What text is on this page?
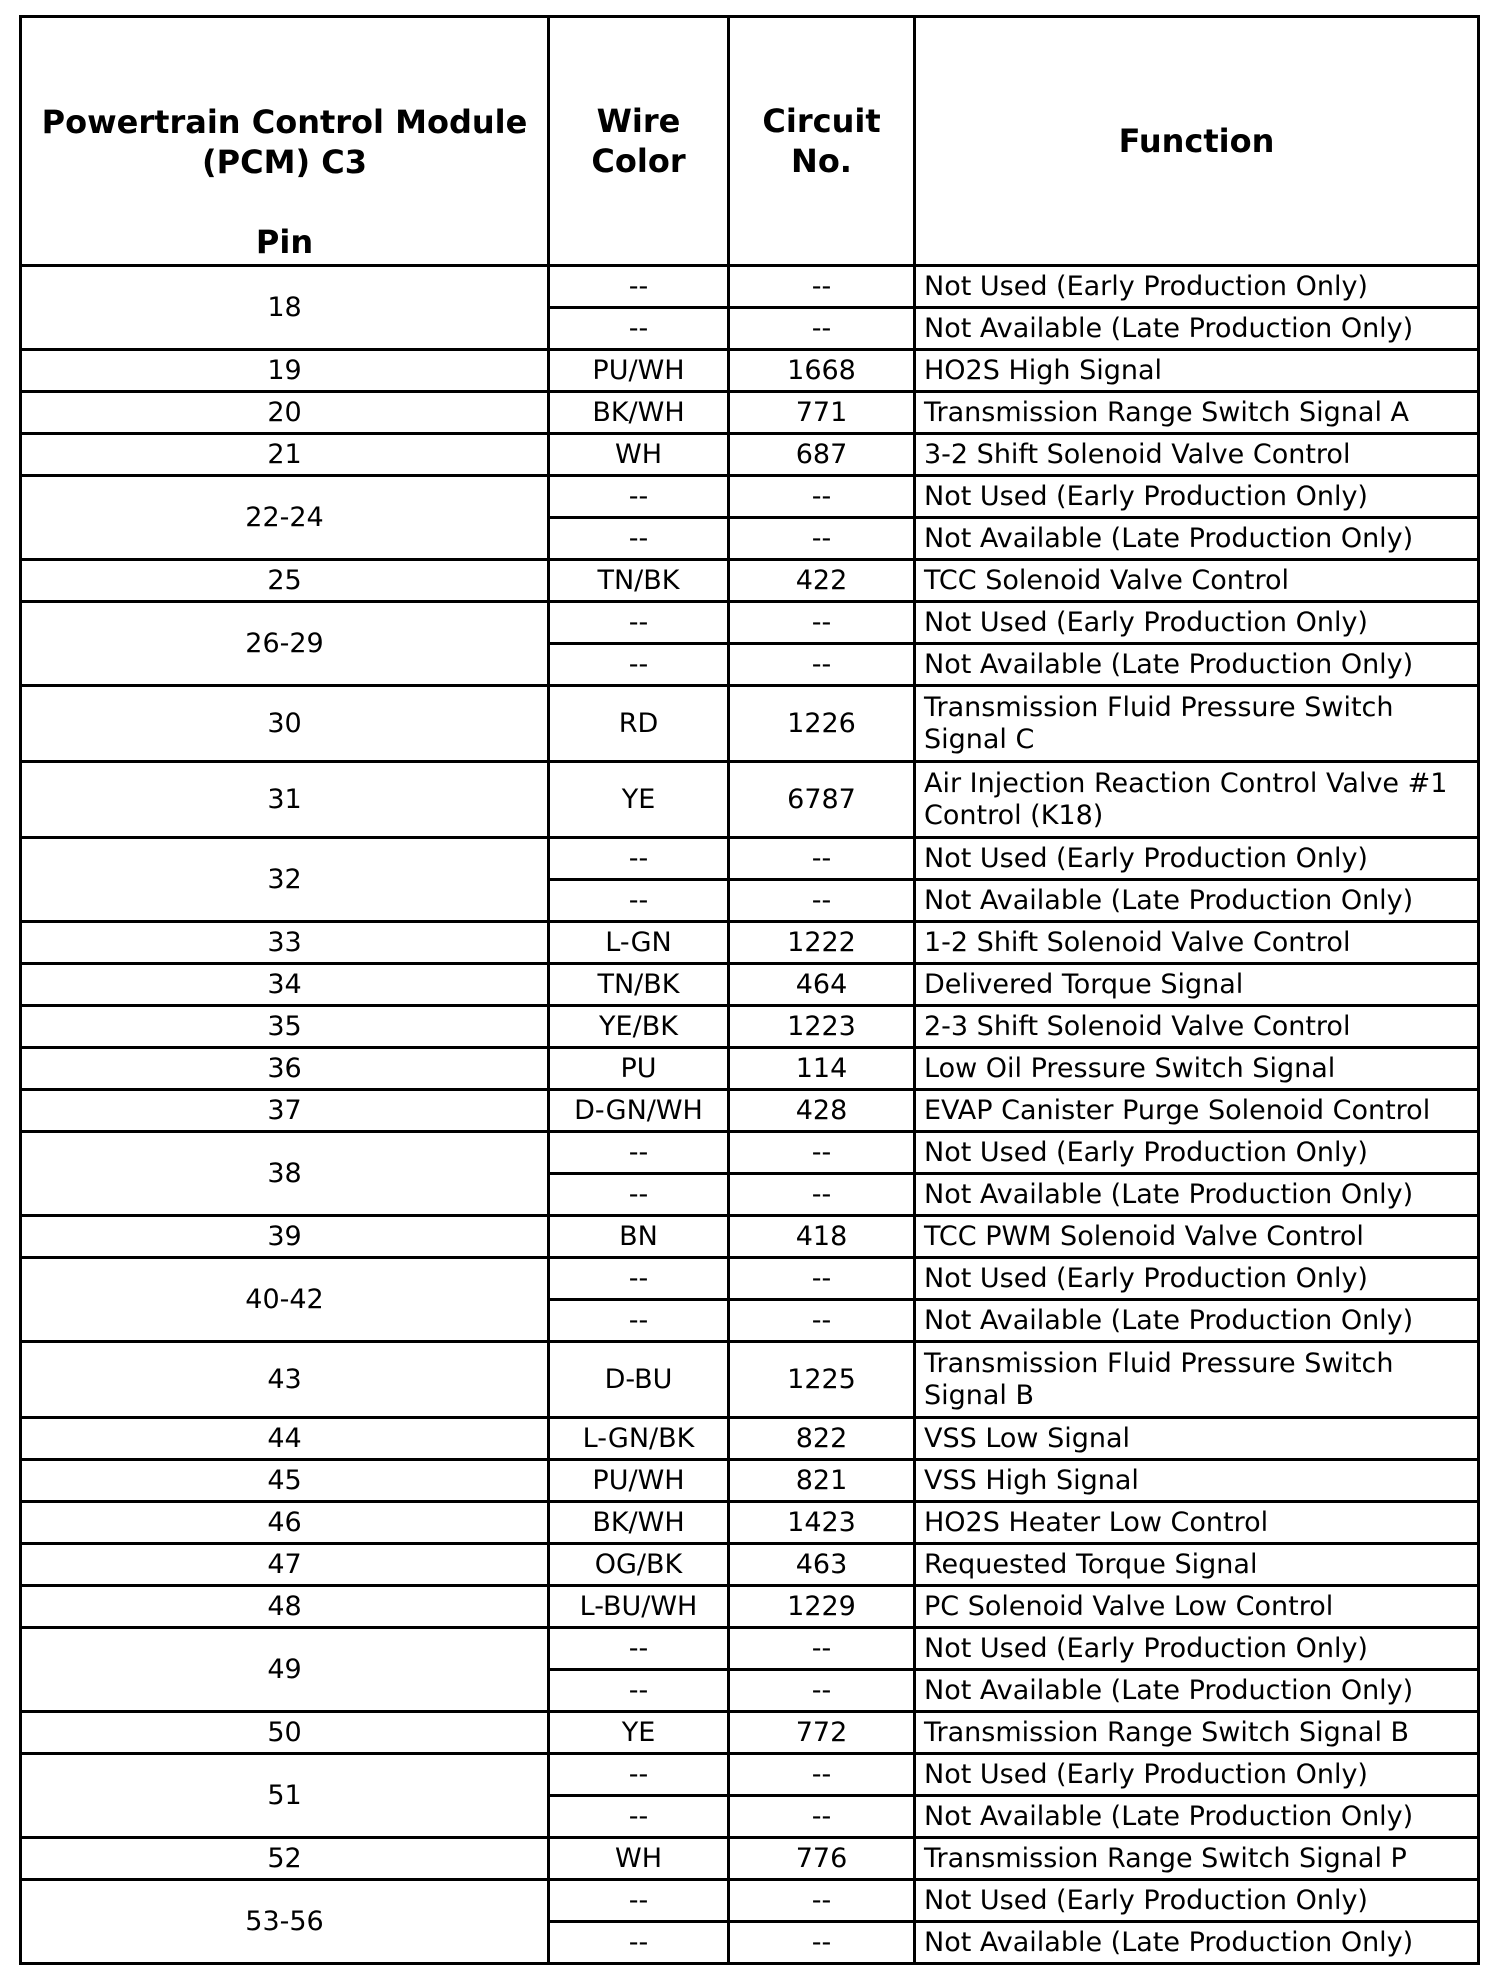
Powertrain Control Module (PCM) C3
Pin	Wire Color	Circuit No.	Function
18	--	--	Not Used (Early Production Only)
	--	--	Not Available (Late Production Only)
19	PU/WH	1668	HO2S High Signal
20	BK/WH	771	Transmission Range Switch Signal A
21	WH	687	3-2 Shift Solenoid Valve Control
22-24	--	--	Not Used (Early Production Only)
	--	--	Not Available (Late Production Only)
25	TN/BK	422	TCC Solenoid Valve Control
26-29	--	--	Not Used (Early Production Only)
	--	--	Not Available (Late Production Only)
30	RD	1226	Transmission Fluid Pressure Switch Signal C
31	YE	6787	Air Injection Reaction Control Valve #1 Control (K18)
32	--	--	Not Used (Early Production Only)
	--	--	Not Available (Late Production Only)
33	L-GN	1222	1-2 Shift Solenoid Valve Control
34	TN/BK	464	Delivered Torque Signal
35	YE/BK	1223	2-3 Shift Solenoid Valve Control
36	PU	114	Low Oil Pressure Switch Signal
37	D-GN/WH	428	EVAP Canister Purge Solenoid Control
38	--	--	Not Used (Early Production Only)
	--	--	Not Available (Late Production Only)
39	BN	418	TCC PWM Solenoid Valve Control
40-42	--	--	Not Used (Early Production Only)
	--	--	Not Available (Late Production Only)
43	D-BU	1225	Transmission Fluid Pressure Switch Signal B
44	L-GN/BK	822	VSS Low Signal
45	PU/WH	821	VSS High Signal
46	BK/WH	1423	HO2S Heater Low Control
47	OG/BK	463	Requested Torque Signal
48	L-BU/WH	1229	PC Solenoid Valve Low Control
49	--	--	Not Used (Early Production Only)
	--	--	Not Available (Late Production Only)
50	YE	772	Transmission Range Switch Signal B
51	--	--	Not Used (Early Production Only)
	--	--	Not Available (Late Production Only)
52	WH	776	Transmission Range Switch Signal P
53-56	--	--	Not Used (Early Production Only)
	--	--	Not Available (Late Production Only)
